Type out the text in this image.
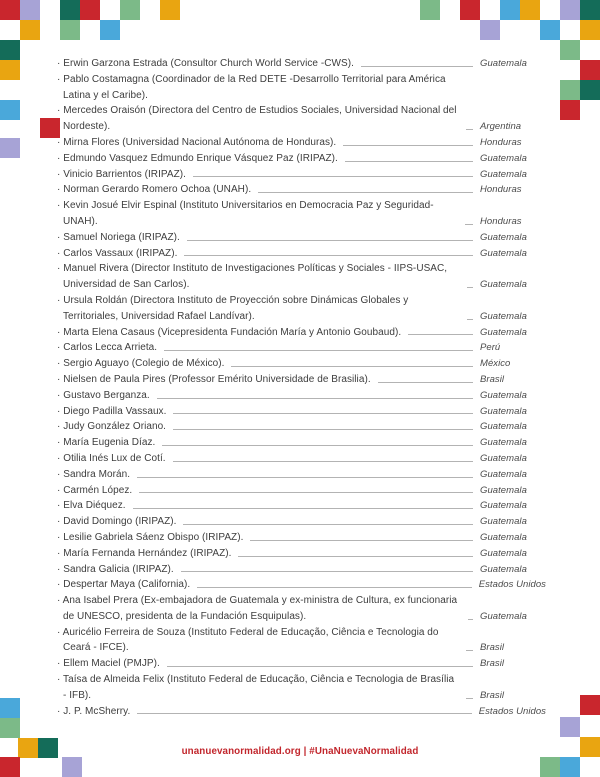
· Erwin Garzona Estrada (Consultor Church World Service -CWS).	Guatemala
· Pablo Costamagna (Coordinador de la Red DETE -Desarrollo Territorial para América Latina y el Caribe).
· Mercedes Oraisón (Directora del Centro de Estudios Sociales, Universidad Nacional del Nordeste).	Argentina
· Mirna Flores (Universidad Nacional Autónoma de Honduras).	Honduras
· Edmundo Vasquez Edmundo Enrique Vásquez Paz (IRIPAZ).	Guatemala
· Vinicio Barrientos (IRIPAZ).	Guatemala
· Norman Gerardo Romero Ochoa (UNAH).	Honduras
· Kevin Josué Elvir Espinal (Instituto Universitarios en Democracia Paz y Seguridad-UNAH).	Honduras
· Samuel Noriega (IRIPAZ).	Guatemala
· Carlos Vassaux (IRIPAZ).	Guatemala
· Manuel Rivera (Director Instituto de Investigaciones Políticas y Sociales - IIPS-USAC, Universidad de San Carlos).	Guatemala
· Ursula Roldán (Directora Instituto de Proyección sobre Dinámicas Globales y Territoriales, Universidad Rafael Landívar).	Guatemala
· Marta Elena Casaus (Vicepresidenta Fundación María y Antonio Goubaud).	Guatemala
· Carlos Lecca Arrieta.	Perú
· Sergio Aguayo (Colegio de México).	México
· Nielsen de Paula Pires (Professor Emérito Universidade de Brasilia).	Brasil
· Gustavo Berganza.	Guatemala
· Diego Padilla Vassaux.	Guatemala
· Judy González Oriano.	Guatemala
· María Eugenia Díaz.	Guatemala
· Otilia Inés Lux de Cotí.	Guatemala
· Sandra Morán.	Guatemala
· Carmén López.	Guatemala
· Elva Diéquez.	Guatemala
· David Domingo (IRIPAZ).	Guatemala
· Lesilie Gabriela Sáenz Obispo (IRIPAZ).	Guatemala
· María Fernanda Hernández (IRIPAZ).	Guatemala
· Sandra Galicia (IRIPAZ).	Guatemala
· Despertar Maya (California).	Estados Unidos
· Ana Isabel Prera (Ex-embajadora de Guatemala y ex-ministra de Cultura, ex funcionaria de UNESCO, presidenta de la Fundación Esquipulas).	Guatemala
· Auricélio Ferreira de Souza (Instituto Federal de Educação, Ciência e Tecnologia do Ceará - IFCE).	Brasil
· Ellem Maciel (PMJP).	Brasil
· Taísa de Almeida Felix (Instituto Federal de Educação, Ciência e Tecnologia de Brasília - IFB).	Brasil
· J. P. McSherry.	Estados Unidos
unanuevanormalidad.org | #UnaNuevaNormalidad
